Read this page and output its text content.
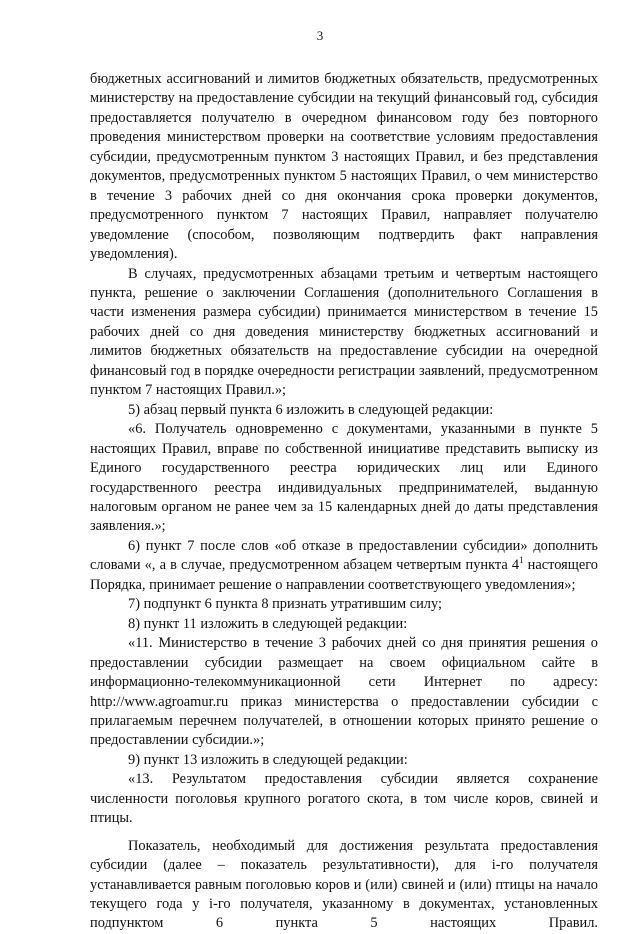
3

бюджетных ассигнований и лимитов бюджетных обязательств, предусмотренных министерству на предоставление субсидии на текущий финансовый год, субсидия предоставляется получателю в очередном финансовом году без повторного проведения министерством проверки на соответствие условиям предоставления субсидии, предусмотренным пунктом 3 настоящих Правил, и без представления документов, предусмотренных пунктом 5 настоящих Правил, о чем министерство в течение 3 рабочих дней со дня окончания срока проверки документов, предусмотренного пунктом 7 настоящих Правил, направляет получателю уведомление (способом, позволяющим подтвердить факт направления уведомления).

В случаях, предусмотренных абзацами третьим и четвертым настоящего пункта, решение о заключении Соглашения (дополнительного Соглашения в части изменения размера субсидии) принимается министерством в течение 15 рабочих дней со дня доведения министерству бюджетных ассигнований и лимитов бюджетных обязательств на предоставление субсидии на очередной финансовый год в порядке очередности регистрации заявлений, предусмотренном пунктом 7 настоящих Правил.»;

5) абзац первый пункта 6 изложить в следующей редакции:

«6. Получатель одновременно с документами, указанными в пункте 5 настоящих Правил, вправе по собственной инициативе представить выписку из Единого государственного реестра юридических лиц или Единого государственного реестра индивидуальных предпринимателей, выданную налоговым органом не ранее чем за 15 календарных дней до даты представления заявления.»;

6) пункт 7 после слов «об отказе в предоставлении субсидии» дополнить словами «, а в случае, предусмотренном абзацем четвертым пункта $4^1$ настоящего Порядка, принимает решение о направлении соответствующего уведомления»;

7) подпункт 6 пункта 8 признать утратившим силу;

8) пункт 11 изложить в следующей редакции:

«11. Министерство в течение 3 рабочих дней со дня принятия решения о предоставлении субсидии размещает на своем официальном сайте в информационно-телекоммуникационной сети Интернет по адресу: http://www.agroamur.ru приказ министерства о предоставлении субсидии с прилагаемым перечнем получателей, в отношении которых принято решение о предоставлении субсидии.»;

9) пункт 13 изложить в следующей редакции:

«13. Результатом предоставления субсидии является сохранение численности поголовья крупного рогатого скота, в том числе коров, свиней и птицы.

Показатель, необходимый для достижения результата предоставления субсидии (далее – показатель результативности), для i-го получателя устанавливается равным поголовью коров и (или) свиней и (или) птицы на начало текущего года у i-го получателя, указанному в документах, установленных подпунктом 6 пункта 5 настоящих Правил.
